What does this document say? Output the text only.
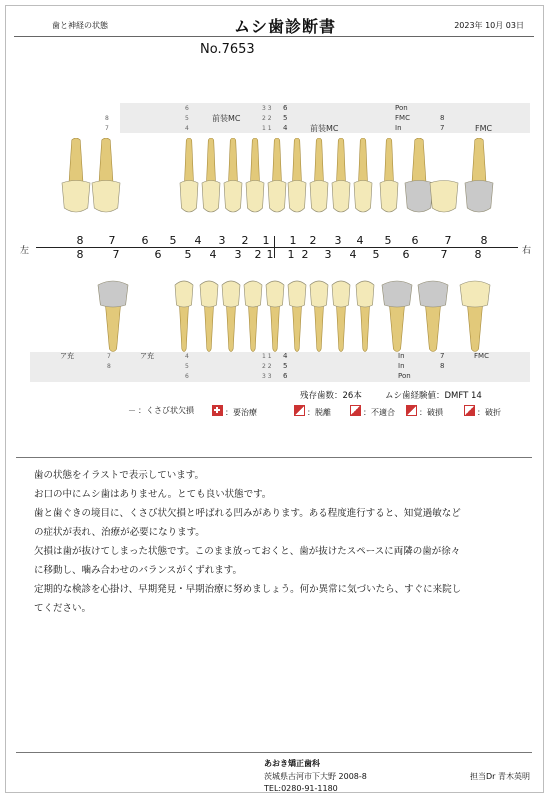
歯と神経の状態	ムシ歯診断書	2023年 10月 03日
No.7653
6	3 3 6	Pon
8	5	2 2 5	FMC	8
7	4	1 1 4	In	7
前装MC
前装MC	FMC
左	右
8	7	6	5	4	3	2	1	1	2	3	4	5	6	7	8
8	7	6	5	4	3	2 1	1 2	3	4	5	6	7	8
ア充	7	ア充	4	1 1 4	In	7	FMC
8	5	2 2 5	In	8
6	3 3 6	Pon
残存歯数：26本	ムシ歯経験値：DMFT 14
－ ：くさび状欠損	：要治療	：脱離	：不適合	：破損	：破折
歯の状態をイラストで表示しています。
お口の中にムシ歯はありません。とても良い状態です。
歯と歯ぐきの境目に、くさび状欠損と呼ばれる凹みがあります。ある程度進行すると、知覚過敏など
の症状が表れ、治療が必要になります。
欠損は歯が抜けてしまった状態です。このまま放っておくと、歯が抜けたスペースに両隣の歯が徐々
に移動し、噛み合わせのバランスがくずれます。
定期的な検診を心掛け、早期発見・早期治療に努めましょう。何か異常に気づいたら、すぐに来院し
てください。
あおき矯正歯科
茨城県古河市下大野 2008-8
TEL:0280-91-1180
担当Dr 青木英明
